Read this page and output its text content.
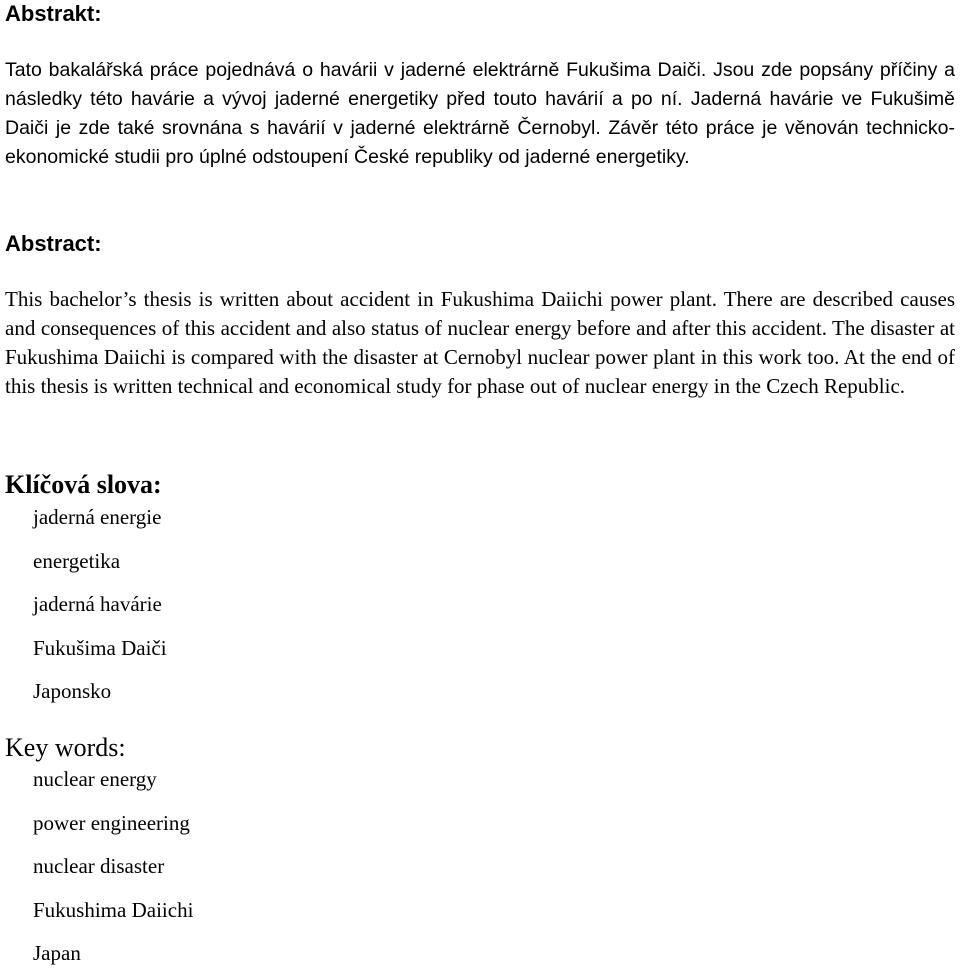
Abstrakt:

Tato bakalářská práce pojednává o havárii v jaderné elektrárně Fukušima Daiči. Jsou zde popsány příčiny a následky této havárie a vývoj jaderné energetiky před touto havárií a po ní. Jaderná havárie ve Fukušimě Daiči je zde také srovnána s havárií v jaderné elektrárně Černobyl. Závěr této práce je věnován technicko-ekonomické studii pro úplné odstoupení České republiky od jaderné energetiky.

Abstract:

This bachelor’s thesis is written about accident in Fukushima Daiichi power plant. There are described causes and consequences of this accident and also status of nuclear energy before and after this accident. The disaster at Fukushima Daiichi is compared with the disaster at Cernobyl nuclear power plant in this work too. At the end of this thesis is written technical and economical study for phase out of nuclear energy in the Czech Republic.

Klíčová slova:
jaderná energie
energetika
jaderná havárie
Fukušima Daiči
Japonsko
Key words:
nuclear energy
power engineering
nuclear disaster
Fukushima Daiichi
Japan
